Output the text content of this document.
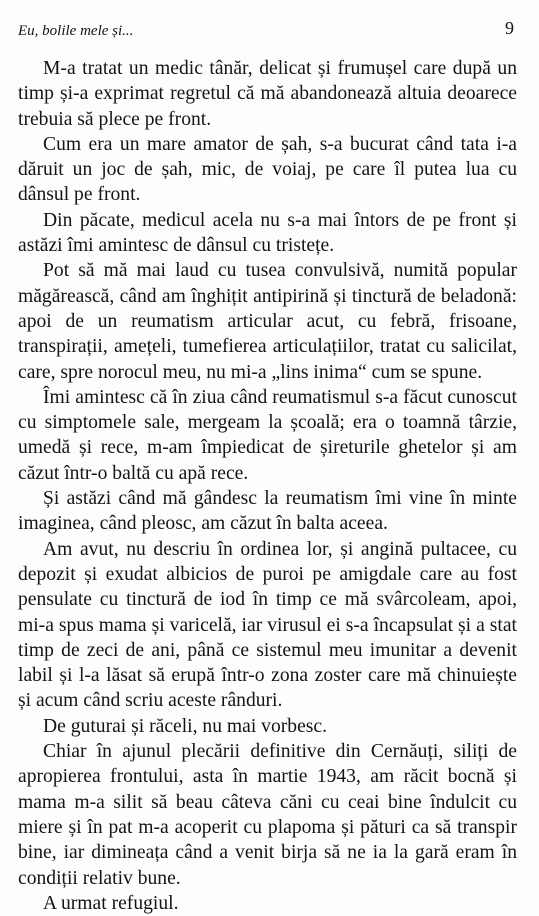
Eu, bolile mele și...	9

M-a tratat un medic tânăr, delicat și frumușel care după un timp și-a exprimat regretul că mă abandonează altuia deoarece trebuia să plece pe front.

Cum era un mare amator de șah, s-a bucurat când tata i-a dăruit un joc de șah, mic, de voiaj, pe care îl putea lua cu dânsul pe front.

Din păcate, medicul acela nu s-a mai întors de pe front și astăzi îmi amintesc de dânsul cu tristețe.

Pot să mă mai laud cu tusea convulsivă, numită popular măgărească, când am înghițit antipirină și tinctură de beladonă: apoi de un reumatism articular acut, cu febră, frisoane, transpirații, amețeli, tumefierea articulațiilor, tratat cu salicilat, care, spre norocul meu, nu mi-a „lins inima“ cum se spune.

Îmi amintesc că în ziua când reumatismul s-a făcut cunoscut cu simptomele sale, mergeam la școală; era o toamnă târzie, umedă și rece, m-am împiedicat de șireturile ghetelor și am căzut într-o baltă cu apă rece.

Și astăzi când mă gândesc la reumatism îmi vine în minte imaginea, când pleosc, am căzut în balta aceea.

Am avut, nu descriu în ordinea lor, și angină pultacee, cu depozit și exudat albicios de puroi pe amigdale care au fost pensulate cu tinctură de iod în timp ce mă svârcoleam, apoi, mi-a spus mama și varicelă, iar virusul ei s-a încapsulat și a stat timp de zeci de ani, până ce sistemul meu imunitar a devenit labil și l-a lăsat să erupă într-o zona zoster care mă chinuiește și acum când scriu aceste rânduri.

De guturai și răceli, nu mai vorbesc.

Chiar în ajunul plecării definitive din Cernăuți, siliți de apropierea frontului, asta în martie 1943, am răcit bocnă și mama m-a silit să beau câteva căni cu ceai bine îndulcit cu miere și în pat m-a acoperit cu plapoma și pături ca să transpir bine, iar dimineața când a venit birja să ne ia la gară eram în condiții relativ bune.

A urmat refugiul.
